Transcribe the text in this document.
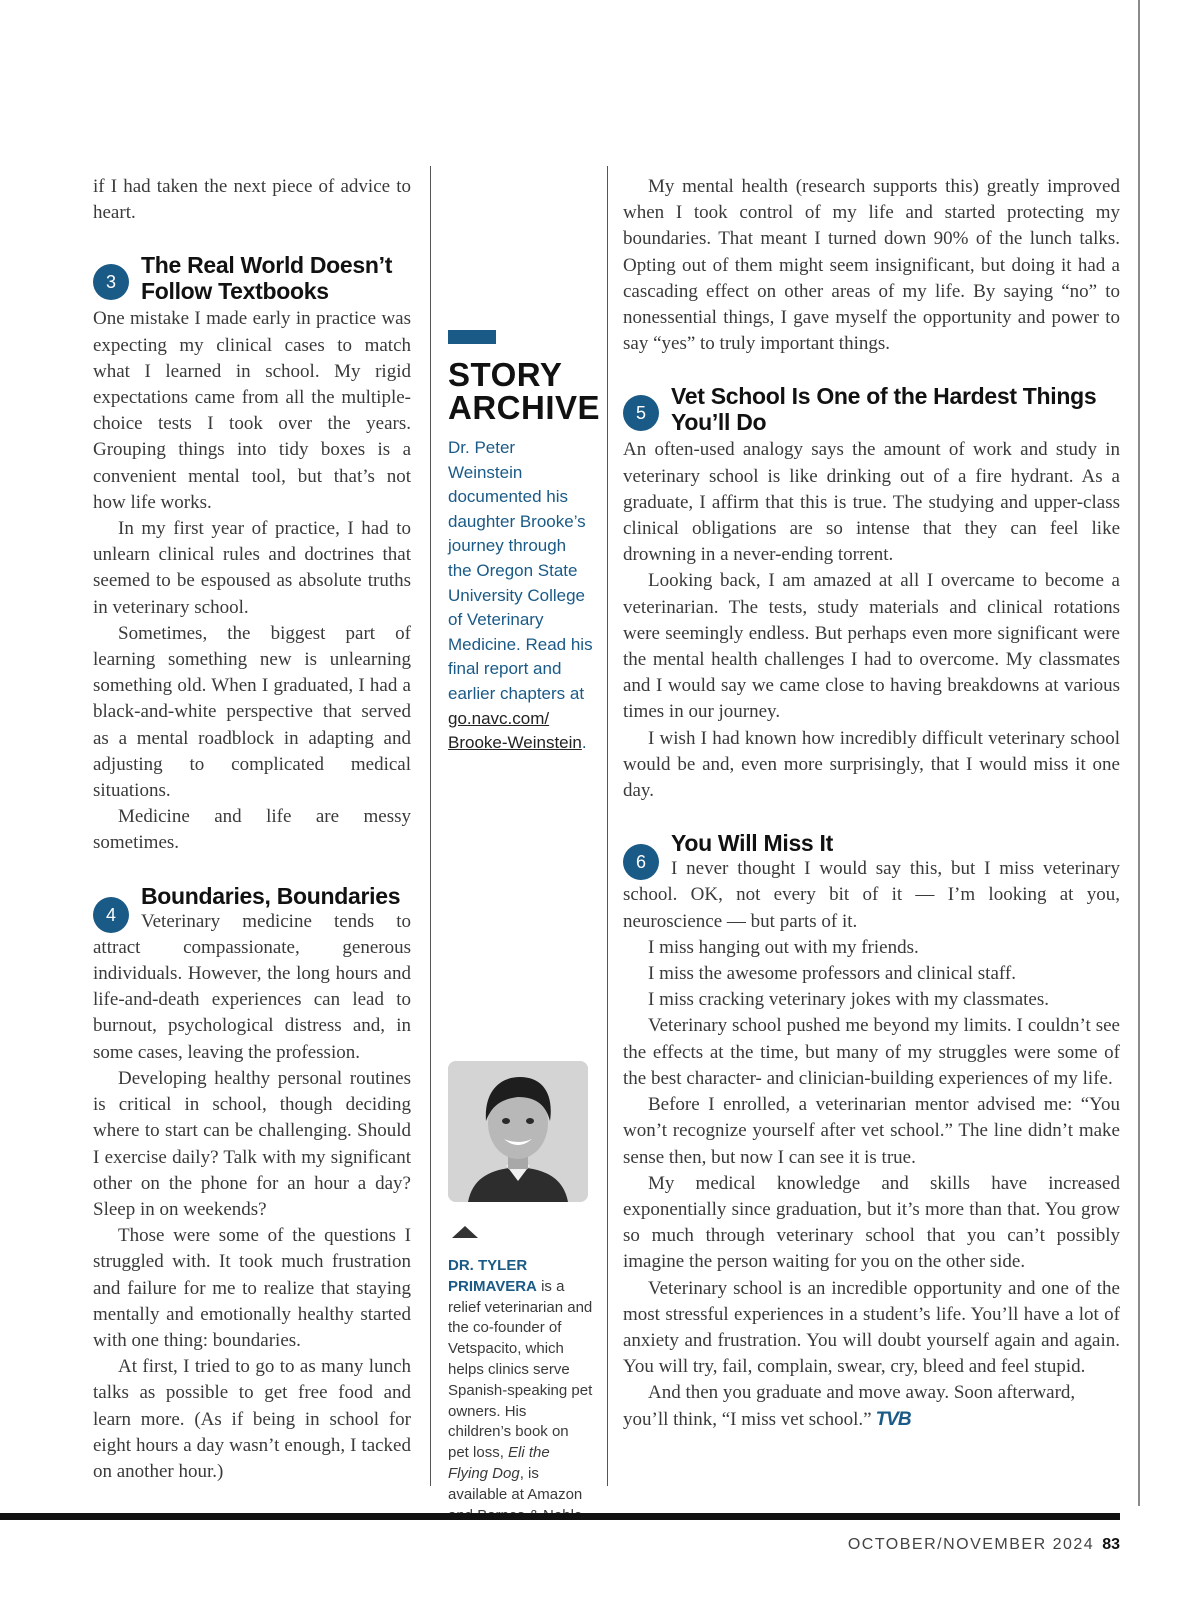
if I had taken the next piece of advice to heart.

3
The Real World Doesn’t Follow Textbooks

One mistake I made early in practice was expecting my clinical cases to match what I learned in school. My rigid expectations came from all the multiple-choice tests I took over the years. Grouping things into tidy boxes is a convenient mental tool, but that’s not how life works.

In my first year of practice, I had to unlearn clinical rules and doctrines that seemed to be espoused as absolute truths in veterinary school.

Sometimes, the biggest part of learning something new is unlearning something old. When I graduated, I had a black-and-white perspective that served as a mental roadblock in adapting and adjusting to complicated medical situations.

Medicine and life are messy sometimes.

4
Boundaries, Boundaries

Veterinary medicine tends to attract compassionate, generous individuals. However, the long hours and life-and-death experiences can lead to burnout, psychological distress and, in some cases, leaving the profession.

Developing healthy personal routines is critical in school, though deciding where to start can be challenging. Should I exercise daily? Talk with my significant other on the phone for an hour a day? Sleep in on weekends?

Those were some of the questions I struggled with. It took much frustration and failure for me to realize that staying mentally and emotionally healthy started with one thing: boundaries.

At first, I tried to go to as many lunch talks as possible to get free food and learn more. (As if being in school for eight hours a day wasn’t enough, I tacked on another hour.)

STORY ARCHIVE
Dr. Peter Weinstein documented his daughter Brooke’s journey through the Oregon State University College of Veterinary Medicine. Read his final report and earlier chapters at go.navc.com/ Brooke-Weinstein.
DR. TYLER PRIMAVERA is a relief veterinarian and the co-founder of Vetspacito, which helps clinics serve Spanish-speaking pet owners. His children’s book on pet loss, Eli the Flying Dog, is available at Amazon

My mental health (research supports this) greatly improved when I took control of my life and started protecting my boundaries. That meant I turned down 90% of the lunch talks. Opting out of them might seem insignificant, but doing it had a cascading effect on other areas of my life. By saying “no” to nonessential things, I gave myself the opportunity and power to say “yes” to truly important things.

5
Vet School Is One of the Hardest Things You’ll Do

An often-used analogy says the amount of work and study in veterinary school is like drinking out of a fire hydrant. As a graduate, I affirm that this is true. The studying and upper-class clinical obligations are so intense that they can feel like drowning in a never-ending torrent.

Looking back, I am amazed at all I overcame to become a veterinarian. The tests, study materials and clinical rotations were seemingly endless. But perhaps even more significant were the mental health challenges I had to overcome. My classmates and I would say we came close to having breakdowns at various times in our journey.

I wish I had known how incredibly difficult veterinary school would be and, even more surprisingly, that I would miss it one day.

6
You Will Miss It

I never thought I would say this, but I miss veterinary school. OK, not every bit of it — I’m looking at you, neuroscience — but parts of it.

I miss hanging out with my friends.

I miss the awesome professors and clinical staff.

I miss cracking veterinary jokes with my classmates.

Veterinary school pushed me beyond my limits. I couldn’t see the effects at the time, but many of my struggles were some of the best character- and clinician-building experiences of my life.

Before I enrolled, a veterinarian mentor advised me: “You won’t recognize yourself after vet school.” The line didn’t make sense then, but now I can see it is true.

My medical knowledge and skills have increased exponentially since graduation, but it’s more than that. You grow so much through veterinary school that you can’t possibly imagine the person waiting for you on the other side.

Veterinary school is an incredible opportunity and one of the most stressful experiences in a student’s life. You’ll have a lot of anxiety and frustration. You will doubt yourself again and again. You will try, fail, complain, swear, cry, bleed and feel stupid.

And then you graduate and move away. Soon afterward, you’ll think, “I miss vet school.” TVB

OCTOBER/NOVEMBER 2024 83
